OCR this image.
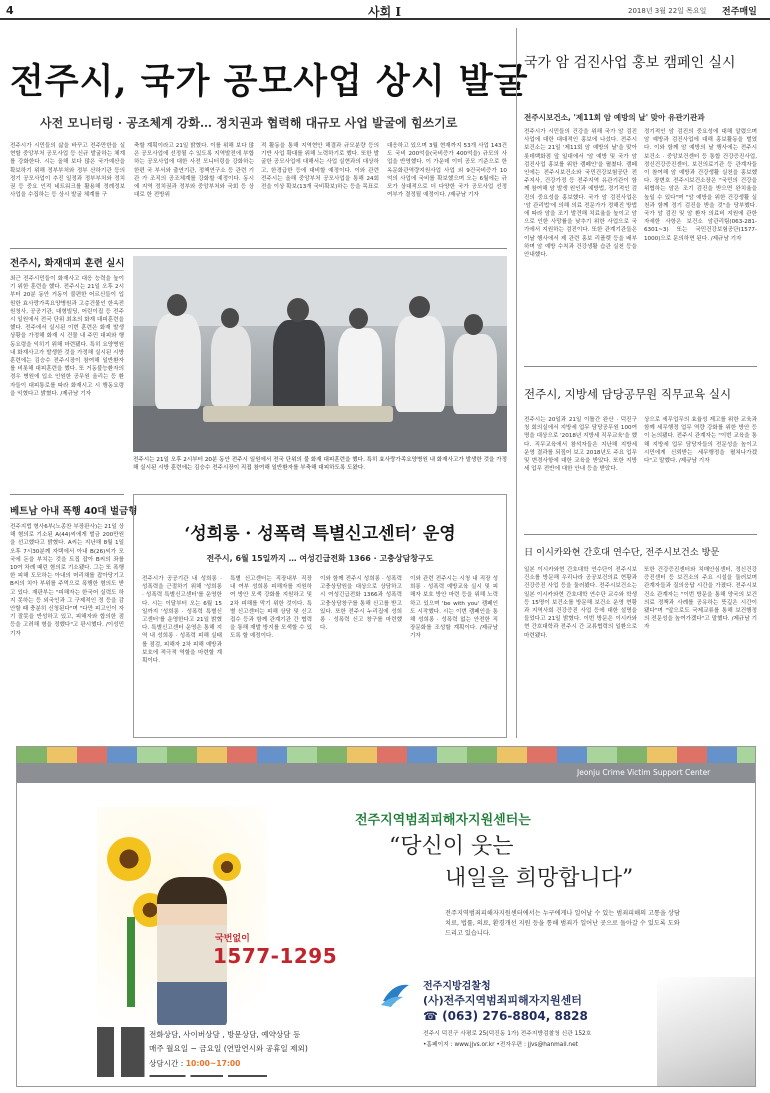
4	사회 I	2018년 3월 22일 목요일 전주매일
전주시, 국가 공모사업 상시 발굴
사전 모니터링 · 공조체계 강화… 정치권과 협력해 대규모 사업 발굴에 힘쓰기로
전주시가 시민들의 삶을 바꾸고 전주만한을 실현할 중앙부처 공모사업 등 신규 발굴하는 체계를 강화한다. 시는 올해 보다 많은 국가예산을 확보하기 위해 정부부처와 정부 산하기관 등의 정기 공모사업이 추진 일정과 정부부처와 정치권 등 중요 인적 네트워크를 활용해 정례정보 사업을 수집하는 등 상시 발굴 체계를 구
축할 계획이라고 21일 밝혔다. 이를 위해 보다 많은 공모사업에 선정될 수 있도록 지역발전에 부합하는 공모사업에 대한 사전 모니터링을 강화하는 한편 국 부서와 출연기관, 정책연구소 등 관련 기관 가 조직의 공조체계를 강화할 예정이다. 동시에 지역 정치권과 정부와 중앙부처와 국회 등 상대로 한 전방위
적 활동을 통해 지역현안 해결과 규모분량 등의 기반 사업 확대를 위해 노력하기로 했다. 또한 발굴한 공모사업에 대해서는 사업 실현과의 대상하고, 한경급한 등에 대비할 예정이다. 이와 관련 전주시는 올해 중앙부처 공모사업을 통해 24회 전을 이상 확보(13개 국비확보)하는 등을 목표로
대응하고 있으며 3월 현재까지 53개 사업 143건도 국비 200억을(국비증가 400억을) 규모의 사업을 반영했다. 이 가운데 이미 공모 기준으로 한옥문화관역량지원사업 사업 외 9건국비증가 10억의 사업에 국비를 확보했으며 오는 6월에는 규모가 상대적으로 더 다양한 국가 공모사업 선정 여부가 결정될 예정이다. /제규남 기자
전주시, 화재대피 훈련 실시
최근 전주시민들이 화재사고 대응 능력을 높이기 위한 훈련을 했다. 전주시는 21일 오후 2시부터 20분 동안 거동이 불편한 어르신들이 입원한 효사랑가족요양병원과 고층건물인 한옥전원청사, 공공기관, 대형빌딩, 어린이집 등 전주시 일원에서 전국 단위 최초의 화재 대피훈련을 했다. 전주에서 실시된 이번 훈련은 화재 발생 상황을 가정해 화재 시 건물 내 주민 대피와 행동요령을 익히기 위해 마련됐다. 특히 요양병원 내 화재사고가 발생한 것을 가정해 실시된 시방 훈련에는 김승수 전주시장이 참여해 일반환자를 비롯해 대피훈련을 했다. 또 거동불능환자의 경우 병원에 입소 인원한 공무원 올리는 등 환자들이 대피통로를 따라 화재시고 시 행동요령을 익혔다고 밝혔다. /제규남 기자
전주시는 21일 오후 2시부터 20분 동안 전주시 일원에서 전국 단위의 불 화재 대피훈련을 했다. 특히 효사랑가족요양병원 내 화재사고가 발생한 것을 가정해 실시된 시방 훈련에는 김승수 전주시장이 직접 참여해 일반환자를 부축해 대피하도록 도왔다.
베트남 아내 폭행 40대 벌금형
전주지법 형사6부(노종찬 부장판사)는 21일 상해 혐의로 기소된 A(44)씨에게 벌금 200만원을 선고했다고 밝혔다. A씨는 지난해 8월 1일 오후 7시30분께 자택에서 아내 B(26)씨가 모국에 돈을 부치는 것을 트집 잡아 B씨의 좌를 10여 차례 때린 혐의로 기소됐다. 그는 또 폭행한 피해 도모하는 아내의 머리채를 잡아당기고 B씨의 치아 부위를 주먹으로 폭행한 혐의도 받고 있다. 재판부는 "피해자는 한국어 실력도 하지 못하는 등 외국인과 그 구제적인 정 등을 감안할 때 충분히 신청된다"며 "다만 피고인이 자기 잘못을 반성하고 있고, 피해자와 합의한 점 등을 고려해 형을 정했다"고 판시했다. /이성민 기자
‘성희롱 · 성폭력 특별신고센터’ 운영
전주시, 6월 15일까지 … 여성긴급전화 1366 · 고충상담창구도
전주시가 공공기관 내 성희롱 · 성폭력을 근절하기 위해 '성희롱 · 성폭력 특별신고센터'를 운영한다. 시는 이달부터 오는 6월 15일까지 '성희롱 · 성폭력 특별신고센터'를 운영한다고 21일 밝혔다. 특별신고센터 운영은 통해 지역 내 성희롱 · 성폭력 피해 실태를 점검, 피해자 2차 피해 예방과 보호에 적극적 역할을 마련할 계획이다.
특별 신고센터는 직장내부 직장 내 여부 성희롱 피해자를 지원하여 방안 모색 강화를 지원하고 및 2차 피해를 막기 위한 것이다. 특별 신고센터는 피해 상담 및 신고 접수 등과 함께 관계기관 간 협력을 통해 재발 방지를 모색할 수 있도록 할 예정이다.
이와 함께 전주시 성희롱 · 성폭력 고충상담원을 대상으로 상담하고 시 여성긴급전화 1366과 성폭력 고충상담창구를 통해 신고를 받고 있다. 또한 전주시 누리집에 성희롱 · 성폭력 신고 창구를 마련했다.
이와 관련 전주시는 시청 내 직장 성희롱 · 성폭력 예방교육 실시 및 피해자 보호 방안 마련 등을 위해 노력하고 있으며 'be with you' 캠페인도 시작했다. 시는 이번 캠페인을 통해 성희롱 · 성폭력 없는 안전한 직장문화를 조성할 계획이다. /제규남 기자
국가 암 검진사업 홍보 캠페인 실시
전주시보건소, '제11회 암 예방의 날' 맞아 유관기관과
전주시가 시민들의 건강을 위해 국가 암 검진사업에 대한 대대적인 홍보에 나섰다. 전주시보건소는 21일 '제11회 암 예방의 날'을 맞아 롯데백화점 앞 일대에서 '암 예방 및 국가 암 검진사업 홍보를 위한 캠페인'을 펼쳤다. 캠페인에는 전주시보건소와 국민건강보험공단 전주지사, 건강가정 등 전주지역 유관기관이 함께 참여해 암 발생 원인과 예방법, 정기적인 검진의 중요성을 홍보했다. 국가 암 검진사업은 '암 관리법'에 의해 의료 전문가가 정해진 방법에 따라 암을 조기 발견해 치료율을 높이고 암으로 인한 사망률을 낮추기 위한 사업으로 국가에서 지원하는 검진이다. 또한 관계기관들은 이날 행사에서 제 관련 홍보 리플렛 등을 배부하며 암 예방 수칙과 건강생활 습관 실천 등을 안내했다.
정기적인 암 검진의 중요성에 대해 알렸으며 암 예방과 검진사업에 대해 홍보활동을 벌였다. 이와 함께 암 예방의 날 행사에는 전주시 보건소 · 중앙보건센터 등 통합 건강증진사업, 정신건강증진센터, 보건의료기관 등 관계자들이 참여해 암 예방과 건강생활 실천을 홍보했다. 장변호 전주시보건소장은 "국민의 건강을 위협하는 암은 조기 검진을 받으면 완치율을 높일 수 있다"며 "암 예방을 위한 건강생활 실천과 함께 정기 검진을 받을 것"을 당부했다. 국가 암 검진 및 암 환자 의료비 지원에 관한 자세한 사항은 보건소 암관리팀(063-281-6301~3) 또는 국민건강보험공단(1577-1000)으로 문의하면 된다. /제규남 기자
전주시, 지방세 담당공무원 직무교육 실시
전주시는 20일과 21일 이틀간 완산 · 덕진구청 회의실에서 지방세 업무 담당공무원 100여명을 대상으로 '2018년 지방세 직무교육'을 했다. 직무교육에서 참석자들은 지난해 지방세 운영 결과를 되짚어 보고 2018년도 주요 업무 및 변경사항에 대한 교육을 받았다. 또한 지방세 업무 전반에 대한 안내 등을 받았다.
상으로 세무업무의 효율성 제고를 위한 교육과 함께 세무행정 업무 역량 강화를 위한 방안 등이 논의됐다. 전주시 관계자는 "이번 교육을 통해 지방세 업무 담당자들의 전문성을 높이고 시민에게 신뢰받는 세무행정을 펼쳐나가겠다"고 말했다. /제규남 기자
日 이시카와현 간호대 연수단, 전주시보건소 방문
일본 이시카와현 간호대학 연수단이 전주시보건소를 방문해 우리나라 공공보건의료 현황과 건강증진 사업 등을 둘러봤다. 전주시보건소는 일본 이시카와현 간호대학 연수단 교수와 학생 등 15명이 보건소를 방문해 보건소 운영 현황과 지역사회 건강증진 사업 등에 대한 설명을 들었다고 21일 밝혔다. 이번 방문은 이시카와현 간호대학과 전주시 간 교류협력의 일환으로 마련됐다.
또한 건강증진센터와 치매안심센터, 정신건강증진센터 등 보건소의 주요 시설을 둘러보며 관계자들과 질의응답 시간을 가졌다. 전주시보건소 관계자는 "이번 방문을 통해 양국의 보건의료 정책과 사례를 공유하는 뜻깊은 시간이 됐다"며 "앞으로도 국제교류를 통해 보건행정의 전문성을 높여가겠다"고 말했다. /제규남 기자
Jeonju Crime Victim Support Center
국번없이
1577-1295
전주지역범죄피해자지원센터는
“당신이 웃는
내일을 희망합니다”
전주지역범죄피해자지원센터에서는 누구에게나 일어날 수 있는 범죄피해의 고통을 상담치료, 법률, 의료, 환경개선 지원 등을 통해 범죄가 일어난 곳으로 돌아갈 수 있도록 도와드리고 있습니다.
전화상담, 사이버상담 , 방문상담, 예약상담 등
매주 월요일 ~ 금요일 (연말연시와 공휴일 제외)
상담시간 : 10:00~17:00
전주지방검찰청
(사)전주지역범죄피해자지원센터
☎ (063) 276-8804, 8828
전주시 덕진구 사평로 25(덕진동 1가) 전주지방검찰청 신관 152호
•홈페이지 : www.jjvs.or.kr •전자우편 : jjvs@hanmail.net
